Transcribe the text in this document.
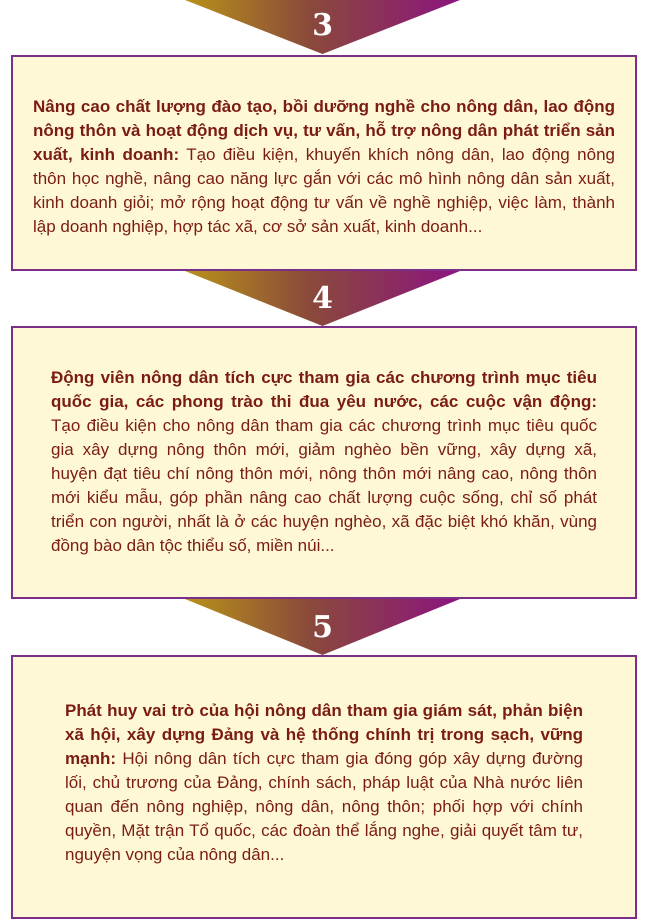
3

Nâng cao chất lượng đào tạo, bồi dưỡng nghề cho nông dân, lao động nông thôn và hoạt động dịch vụ, tư vấn, hỗ trợ nông dân phát triển sản xuất, kinh doanh: Tạo điều kiện, khuyến khích nông dân, lao động nông thôn học nghề, nâng cao năng lực gắn với các mô hình nông dân sản xuất, kinh doanh giỏi; mở rộng hoạt động tư vấn về nghề nghiệp, việc làm, thành lập doanh nghiệp, hợp tác xã, cơ sở sản xuất, kinh doanh...

4

Động viên nông dân tích cực tham gia các chương trình mục tiêu quốc gia, các phong trào thi đua yêu nước, các cuộc vận động: Tạo điều kiện cho nông dân tham gia các chương trình mục tiêu quốc gia xây dựng nông thôn mới, giảm nghèo bền vững, xây dựng xã, huyện đạt tiêu chí nông thôn mới, nông thôn mới nâng cao, nông thôn mới kiểu mẫu, góp phần nâng cao chất lượng cuộc sống, chỉ số phát triển con người, nhất là ở các huyện nghèo, xã đặc biệt khó khăn, vùng đồng bào dân tộc thiểu số, miền núi...

5

Phát huy vai trò của hội nông dân tham gia giám sát, phản biện xã hội, xây dựng Đảng và hệ thống chính trị trong sạch, vững mạnh: Hội nông dân tích cực tham gia đóng góp xây dựng đường lối, chủ trương của Đảng, chính sách, pháp luật của Nhà nước liên quan đến nông nghiệp, nông dân, nông thôn; phối hợp với chính quyền, Mặt trận Tổ quốc, các đoàn thể lắng nghe, giải quyết tâm tư, nguyện vọng của nông dân...
